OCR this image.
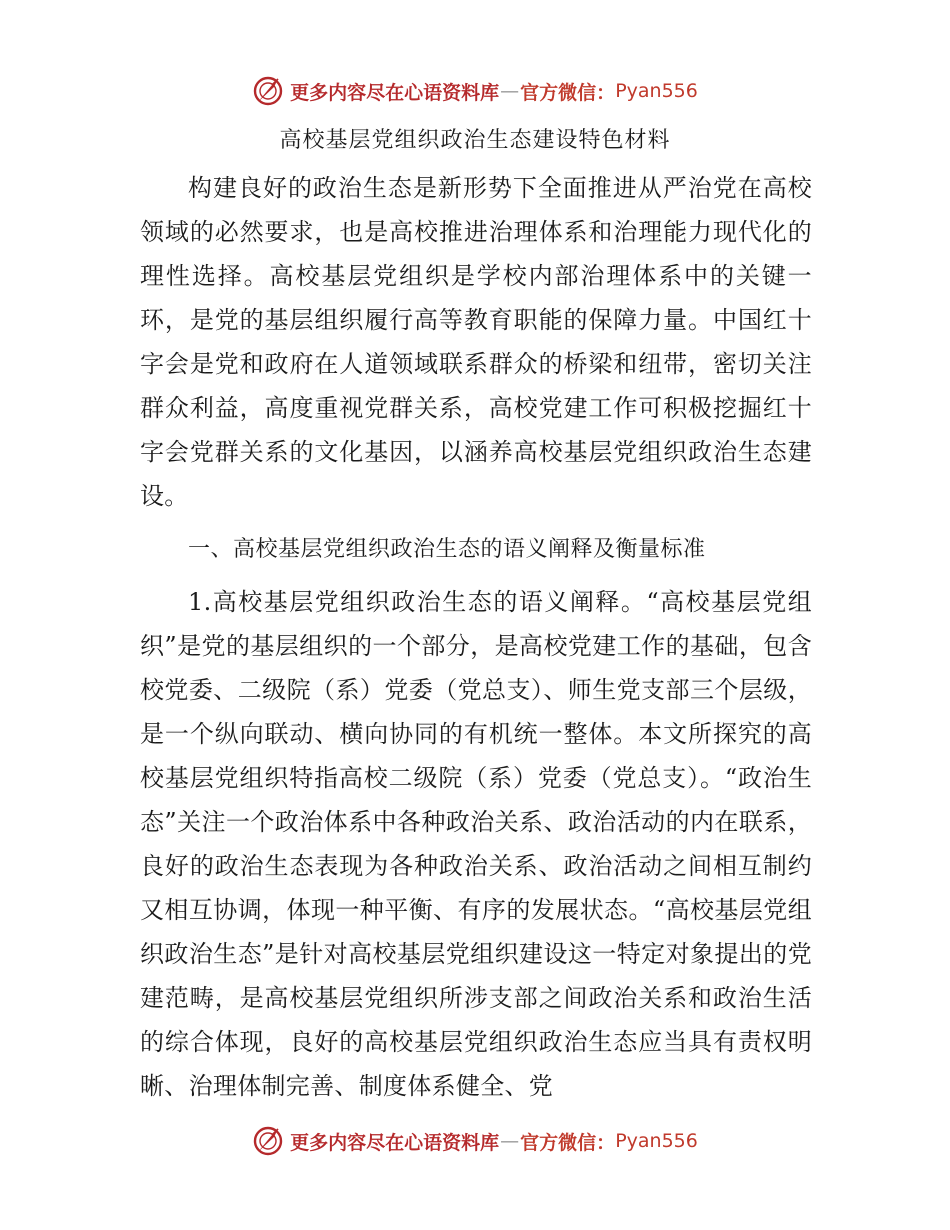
更多内容尽在心语资料库 — 官方微信： Pyan556
高校基层党组织政治生态建设特色材料

构建良好的政治生态是新形势下全面推进从严治党在高校领域的必然要求，也是高校推进治理体系和治理能力现代化的理性选择。高校基层党组织是学校内部治理体系中的关键一环，是党的基层组织履行高等教育职能的保障力量。中国红十字会是党和政府在人道领域联系群众的桥梁和纽带，密切关注群众利益，高度重视党群关系，高校党建工作可积极挖掘红十字会党群关系的文化基因，以涵养高校基层党组织政治生态建设。

一、高校基层党组织政治生态的语义阐释及衡量标准

1.高校基层党组织政治生态的语义阐释。“高校基层党组织”是党的基层组织的一个部分，是高校党建工作的基础，包含校党委、二级院（系）党委（党总支）、师生党支部三个层级，是一个纵向联动、横向协同的有机统一整体。本文所探究的高校基层党组织特指高校二级院（系）党委（党总支）。“政治生态”关注一个政治体系中各种政治关系、政治活动的内在联系，良好的政治生态表现为各种政治关系、政治活动之间相互制约又相互协调，体现一种平衡、有序的发展状态。“高校基层党组织政治生态”是针对高校基层党组织建设这一特定对象提出的党建范畴，是高校基层党组织所涉支部之间政治关系和政治生活的综合体现，良好的高校基层党组织政治生态应当具有责权明晰、治理体制完善、制度体系健全、党

更多内容尽在心语资料库 — 官方微信： Pyan556
